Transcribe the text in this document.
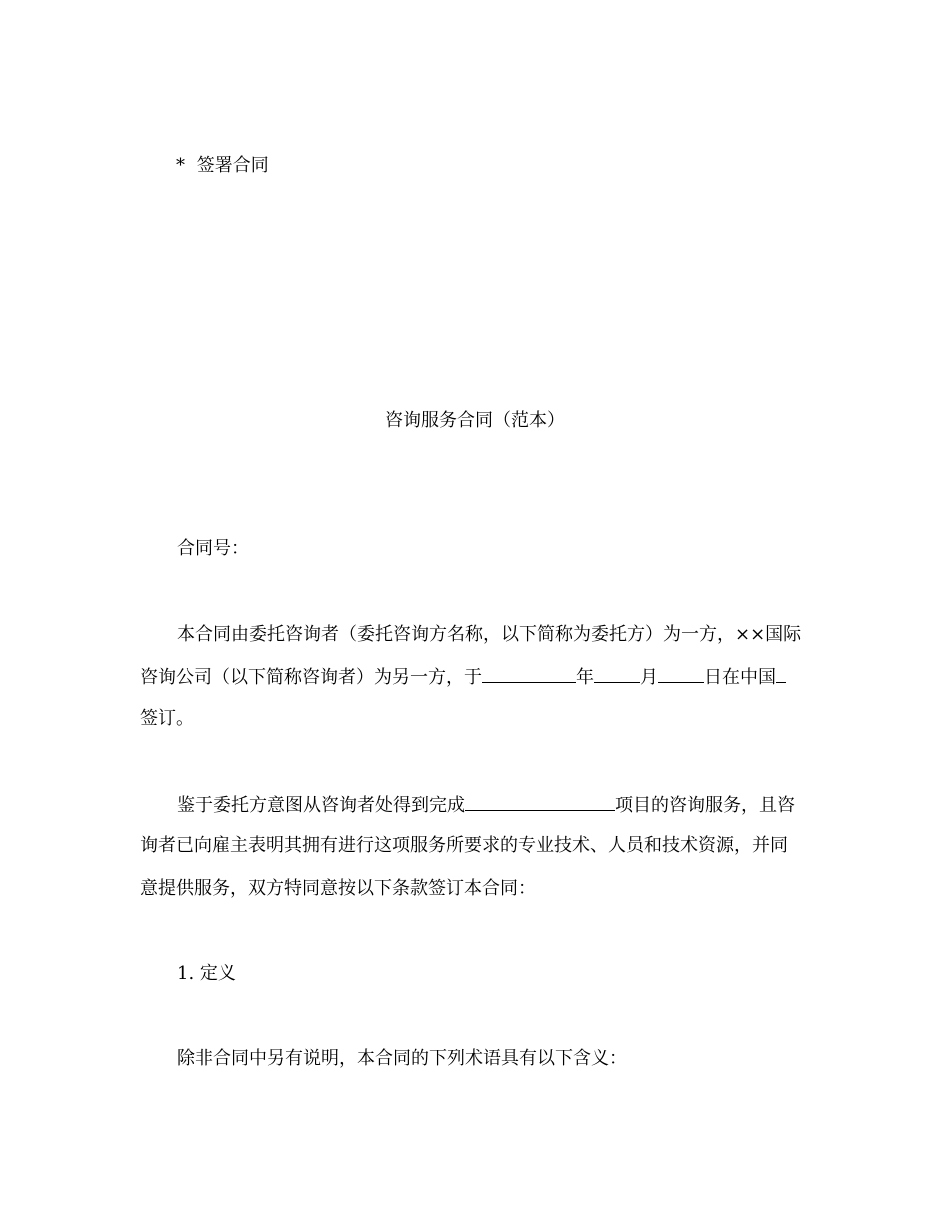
* 签署合同
咨询服务合同（范本）
合同号：
本合同由委托咨询者（委托咨询方名称，以下简称为委托方）为一方，××国际
咨询公司（以下简称咨询者）为另一方，于	年	月	日在中国
签订。
鉴于委托方意图从咨询者处得到完成	项目的咨询服务，且咨
询者已向雇主表明其拥有进行这项服务所要求的专业技术、人员和技术资源，并同
意提供服务，双方特同意按以下条款签订本合同：
1. 定义
除非合同中另有说明，本合同的下列术语具有以下含义：
